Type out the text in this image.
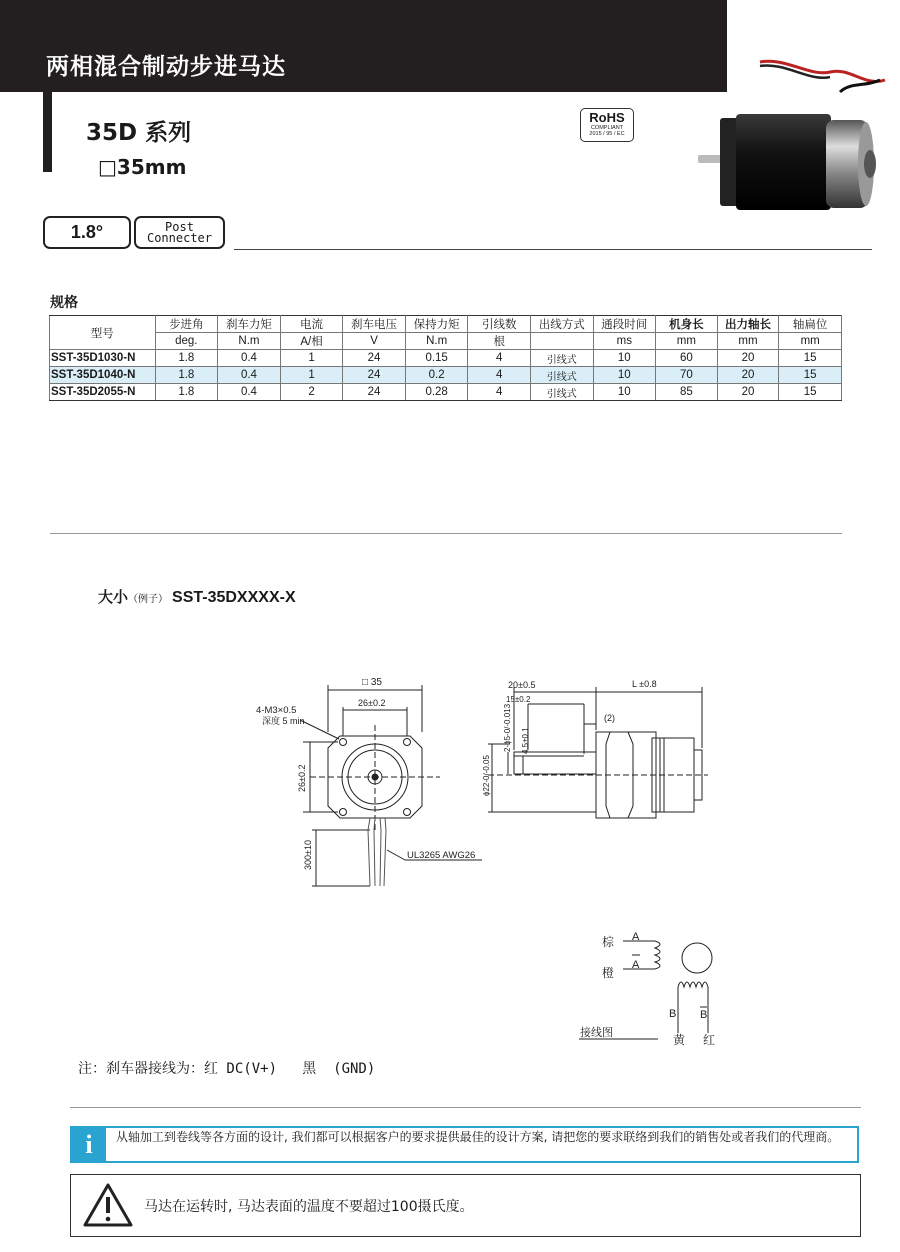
两相混合制动步进马达
35D 系列
□35mm
RoHS
COMPLIANT
2015 / 95 / EC
1.8°	Post
Connecter
规格
型号	步进角	刹车力矩	电流	刹车电压	保持力矩	引线数	出线方式	通段时间	机身长	出力轴长	轴扁位
	deg.	N.m	A/相	V	N.m	根		ms	mm	mm	mm
SST-35D1030-N	1.8	0.4	1	24	0.15	4	引线式	10	60	20	15
SST-35D1040-N	1.8	0.4	1	24	0.2	4	引线式	10	70	20	15
SST-35D2055-N	1.8	0.4	2	24	0.28	4	引线式	10	85	20	15
大小（例子） SST-35DXXXX-X
□ 35
26±0.2
4-M3×0.5
深度 5 min
26±0.2
300±10	UL3265 AWG26
20±0.5
15±0.2
L ±0.8
(2)
2-ϕ5-0/-0.013 4.5±0.1
ϕ22-0/-0.05
棕 A
橙
A
B B
接线图	黄 红
注：刹车器接线为：红 DC(V+)   黑  (GND)
i	从轴加工到卷线等各方面的设计, 我们都可以根据客户的要求提供最佳的设计方案, 请把您的要求联络到我们的销售处或者我们的代理商。
马达在运转时, 马达表面的温度不要超过100摄氏度。
